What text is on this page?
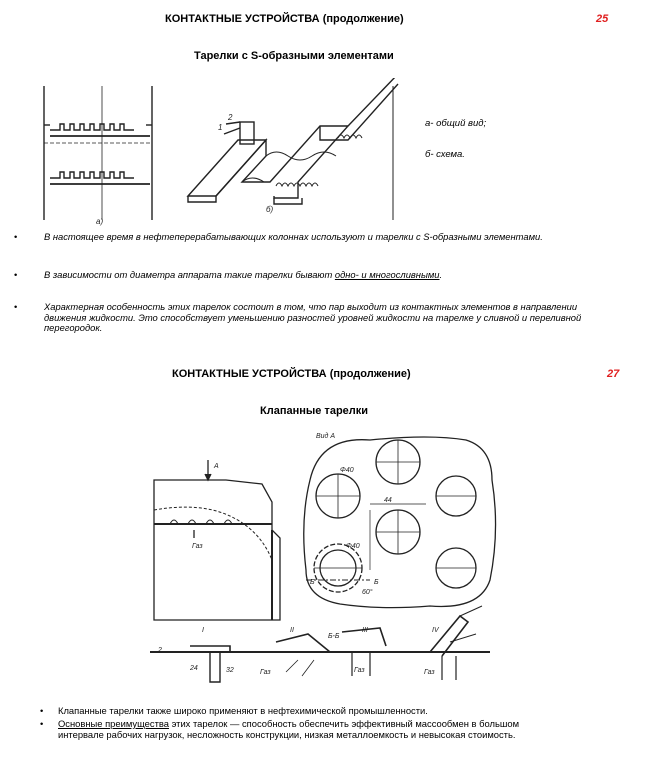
КОНТАКТНЫЕ УСТРОЙСТВА (продолжение)	25
Тарелки с S-образными элементами
а)
1
2
б)
а- общий вид;
б- схема.
•	В настоящее время в нефтеперерабатывающих колоннах используют и тарелки с S-образными элементами.
•	В зависимости от диаметра аппарата такие тарелки бывают одно- и многосливными.
•	Характерная особенность этих тарелок состоит в том, что пар выходит из контактных элементов в направлении движения жидкости. Это способствует уменьшению разностей уровней жидкости на тарелке у сливной и переливной перегородок.
КОНТАКТНЫЕ УСТРОЙСТВА (продолжение)	27
Клапанные тарелки
А
Газ
Вид А
Φ40
44
Φ40
Б	Б
60°
Б-Б
I	II	III	IV
2
24	32	Газ	Газ	Газ
• Клапанные тарелки также широко применяют в нефтехимической промышленности.
• Основные преимущества этих тарелок — способность обеспечить эффективный массообмен в большом интервале рабочих нагрузок, несложность конструкции, низкая металлоемкость и невысокая стоимость.
